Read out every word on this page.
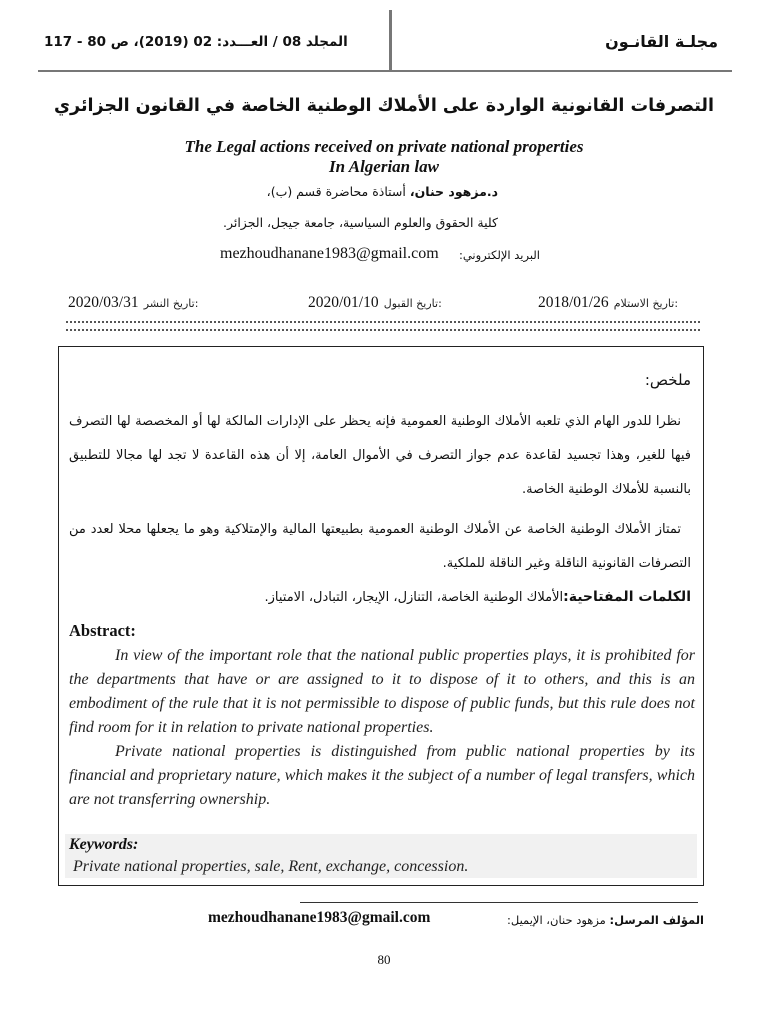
مجلـة القانـون
المجلد 08 / العـــدد: 02 (2019)، ص 80 - 117
التصرفات القانونية الواردة على الأملاك الوطنية الخاصة في القانون الجزائري
The Legal actions received on private national properties
In Algerian law
د.مزهود حنان، أستاذة محاضرة قسم (ب)،
كلية الحقوق والعلوم السياسية، جامعة جيجل، الجزائر.
mezhoudhanane1983@gmail.com البريد الإلكتروني:
2018/01/26 تاريخ الاستلام:
2020/01/10 تاريخ القبول:
2020/03/31 تاريخ النشر:
ملخص:
نظرا للدور الهام الذي تلعبه الأملاك الوطنية العمومية فإنه يحظر على الإدارات المالكة لها أو المخصصة لها التصرف فيها للغير، وهذا تجسيد لقاعدة عدم جواز التصرف في الأموال العامة، إلا أن هذه القاعدة لا تجد لها مجالا للتطبيق بالنسبة للأملاك الوطنية الخاصة.
تمتاز الأملاك الوطنية الخاصة عن الأملاك الوطنية العمومية بطبيعتها المالية والإمتلاكية وهو ما يجعلها محلا لعدد من التصرفات القانونية الناقلة وغير الناقلة للملكية.
الكلمات المفتاحية:الأملاك الوطنية الخاصة، التنازل، الإيجار، التبادل، الامتياز.
Abstract:

In view of the important role that the national public properties plays, it is prohibited for the departments that have or are assigned to it to dispose of it to others, and this is an embodiment of the rule that it is not permissible to dispose of public funds, but this rule does not find room for it in relation to private national properties.

Private national properties is distinguished from public national properties by its financial and proprietary nature, which makes it the subject of a number of legal transfers, which are not transferring ownership.

Keywords:
Private national properties, sale, Rent, exchange, concession.
المؤلف المرسل: مزهود حنان، الإيميل:
mezhoudhanane1983@gmail.com
80
